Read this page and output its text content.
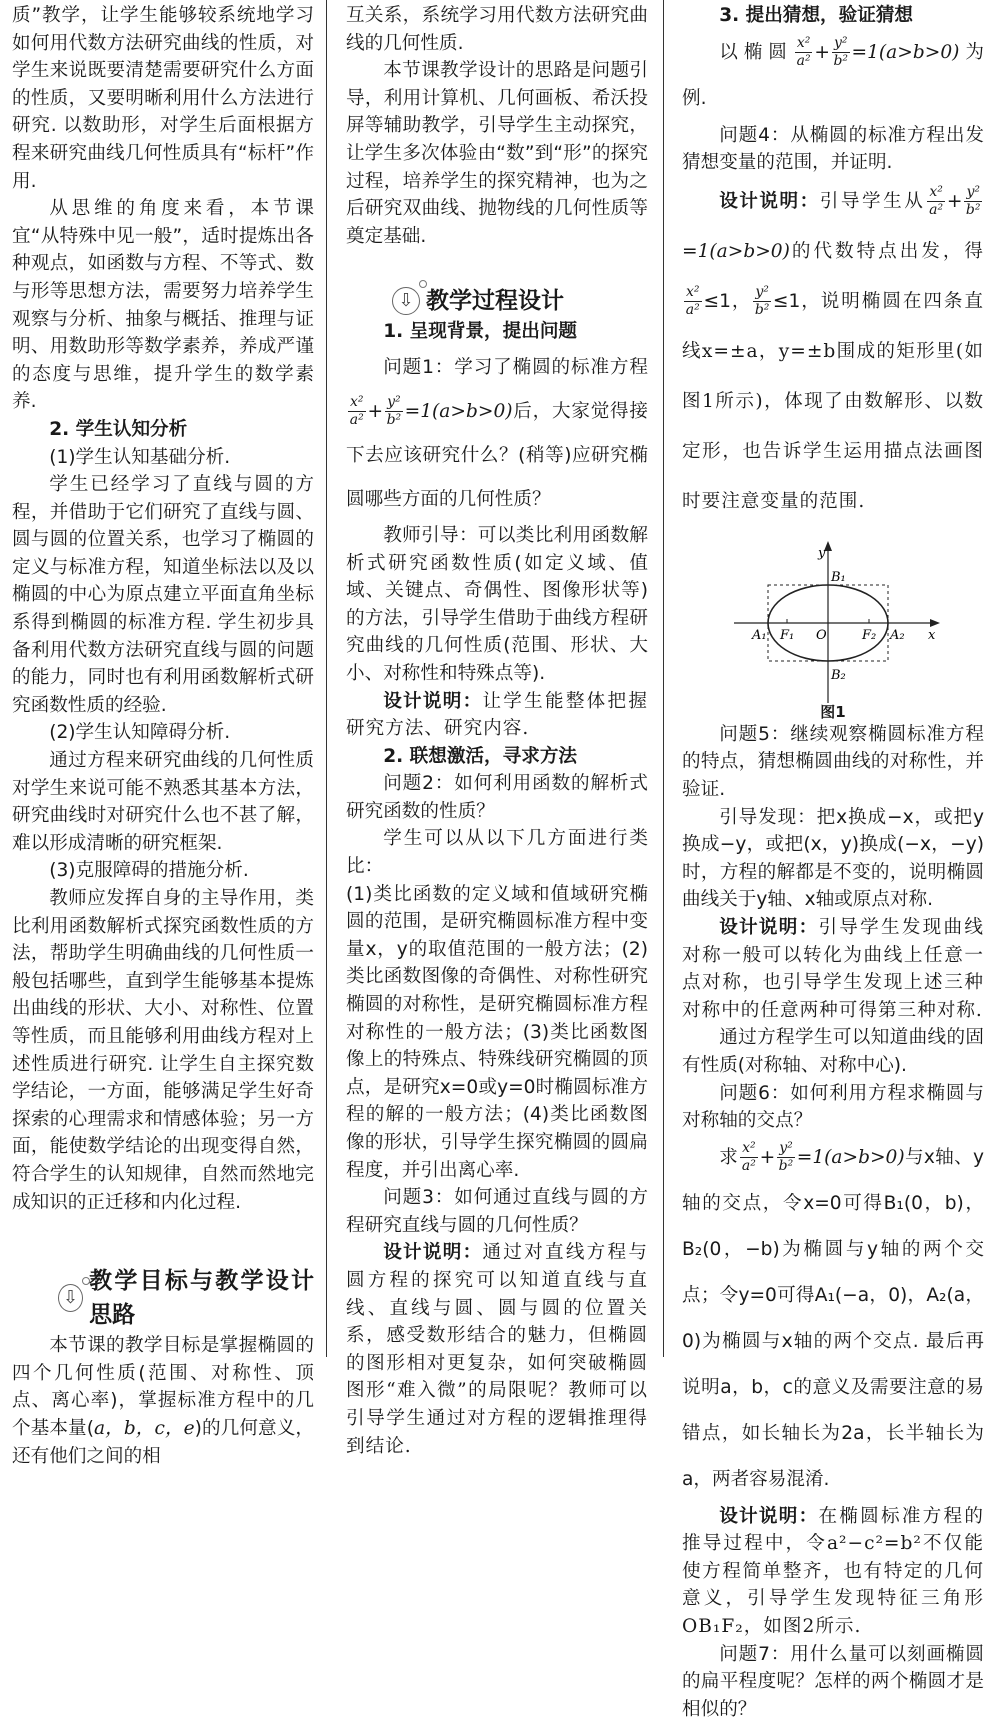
质”教学，让学生能够较系统地学习如何用代数方法研究曲线的性质，对学生来说既要清楚需要研究什么方面的性质，又要明晰利用什么方法进行研究. 以数助形，对学生后面根据方程来研究曲线几何性质具有“标杆”作用.

从思维的角度来看，本节课宜“从特殊中见一般”，适时提炼出各种观点，如函数与方程、不等式、数与形等思想方法，需要努力培养学生观察与分析、抽象与概括、推理与证明、用数助形等数学素养，养成严谨的态度与思维，提升学生的数学素养.

2. 学生认知分析

(1)学生认知基础分析.

学生已经学习了直线与圆的方程，并借助于它们研究了直线与圆、圆与圆的位置关系，也学习了椭圆的定义与标准方程，知道坐标法以及以椭圆的中心为原点建立平面直角坐标系得到椭圆的标准方程. 学生初步具备利用代数方法研究直线与圆的问题的能力，同时也有利用函数解析式研究函数性质的经验.

(2)学生认知障碍分析.

通过方程来研究曲线的几何性质对学生来说可能不熟悉其基本方法，研究曲线时对研究什么也不甚了解，难以形成清晰的研究框架.

(3)克服障碍的措施分析.

教师应发挥自身的主导作用，类比利用函数解析式探究函数性质的方法，帮助学生明确曲线的几何性质一般包括哪些，直到学生能够基本提炼出曲线的形状、大小、对称性、位置等性质，而且能够利用曲线方程对上述性质进行研究. 让学生自主探究数学结论，一方面，能够满足学生好奇探索的心理需求和情感体验；另一方面，能使数学结论的出现变得自然，符合学生的认知规律，自然而然地完成知识的正迁移和内化过程.

⇩
教学目标与教学设计思路

本节课的教学目标是掌握椭圆的四个几何性质(范围、对称性、顶点、离心率)，掌握标准方程中的几个基本量(a，b，c，e)的几何意义，还有他们之间的相

互关系，系统学习用代数方法研究曲线的几何性质.

本节课教学设计的思路是问题引导，利用计算机、几何画板、希沃投屏等辅助教学，引导学生主动探究，让学生多次体验由“数”到“形”的探究过程，培养学生的探究精神，也为之后研究双曲线、抛物线的几何性质等奠定基础.

⇩ 教学过程设计
1. 呈现背景，提出问题

问题1：学习了椭圆的标准方程
$\frac{\text{x²}}{\text{a²}} + \frac{\text{y²}}{\text{b²}} =1(a>b>0)$后，大家觉得接下去应该研究什么？(稍等)应研究椭圆哪些方面的几何性质？

教师引导：可以类比利用函数解析式研究函数性质(如定义域、值域、关键点、奇偶性、图像形状等)的方法，引导学生借助于曲线方程研究曲线的几何性质(范围、形状、大小、对称性和特殊点等).

设计说明：让学生能整体把握研究方法、研究内容.

2. 联想激活，寻求方法

问题2：如何利用函数的解析式研究函数的性质？

学生可以从以下几方面进行类比：

(1)类比函数的定义域和值域研究椭圆的范围，是研究椭圆标准方程中变量x，y的取值范围的一般方法；(2)类比函数图像的奇偶性、对称性研究椭圆的对称性，是研究椭圆标准方程对称性的一般方法；(3)类比函数图像上的特殊点、特殊线研究椭圆的顶点，是研究x=0或y=0时椭圆标准方程的解的一般方法；(4)类比函数图像的形状，引导学生探究椭圆的圆扁程度，并引出离心率.

问题3：如何通过直线与圆的方程研究直线与圆的几何性质？

设计说明：通过对直线方程与圆方程的探究可以知道直线与直线、直线与圆、圆与圆的位置关系，感受数形结合的魅力，但椭圆的图形相对更复杂，如何突破椭圆图形“难入微”的局限呢？教师可以引导学生通过对方程的逻辑推理得到结论.

3. 提出猜想，验证猜想

以椭圆 $\frac{\text{x²}}{\text{a²}} + \frac{\text{y²}}{\text{b²}} =1(a>b>0)$为例.

问题4：从椭圆的标准方程出发猜想变量的范围，并证明.

设计说明：引导学生从 $\frac{\text{x²}}{\text{a²}} + \frac{\text{y²}}{\text{b²}}$
=1(a>b>0)的代数特点出发，得
$\frac{\text{x²}}{\text{a²}} \le 1$， $\frac{\text{y²}}{\text{b²}} \le 1$，说明椭圆在四条直线x=±a，y=±b围成的矩形里(如图1所示)，体现了由数解形、以数定形，也告诉学生运用描点法画图时要注意变量的范围.

y
x
O
A₁	A₂
B₁
B₂
F₁	F₂
图1

问题5：继续观察椭圆标准方程的特点，猜想椭圆曲线的对称性，并验证.

引导发现：把x换成−x，或把y换成−y，或把(x，y)换成(−x，−y)时，方程的解都是不变的，说明椭圆曲线关于y轴、x轴或原点对称.

设计说明：引导学生发现曲线对称一般可以转化为曲线上任意一点对称，也引导学生发现上述三种对称中的任意两种可得第三种对称.

通过方程学生可以知道曲线的固有性质(对称轴、对称中心).

问题6：如何利用方程求椭圆与对称轴的交点？

求 $\frac{\text{x²}}{\text{a²}} + \frac{\text{y²}}{\text{b²}} =1(a>b>0)$与x轴、y轴的交点，令x=0可得B₁(0，b)，B₂(0，−b)为椭圆与y轴的两个交点；令y=0可得A₁(−a，0)，A₂(a，0)为椭圆与x轴的两个交点. 最后再说明a，b，c的意义及需要注意的易错点，如长轴长为2a，长半轴长为a，两者容易混淆.

设计说明：在椭圆标准方程的推导过程中，令a²−c²=b²不仅能使方程简单整齐，也有特定的几何意义，引导学生发现特征三角形OB₁F₂，如图2所示.

问题7：用什么量可以刻画椭圆的扁平程度呢？怎样的两个椭圆才是相似的？
